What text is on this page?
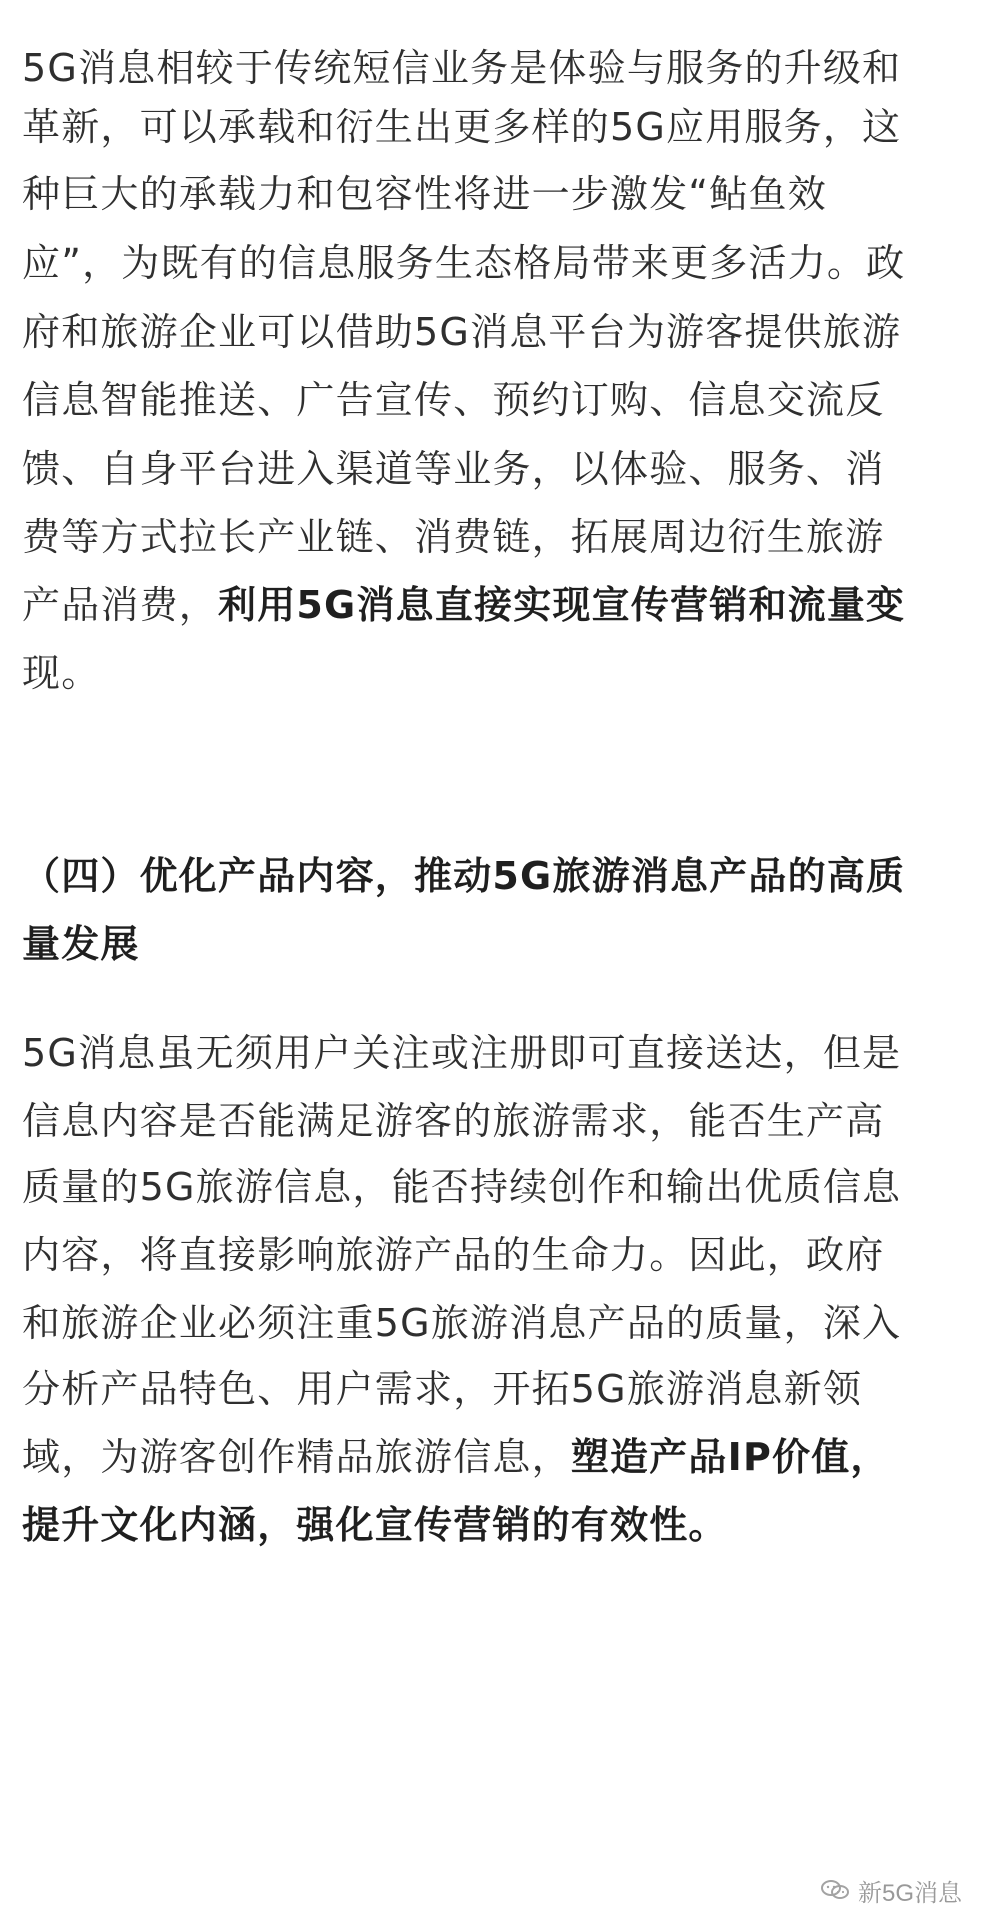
5G消息相较于传统短信业务是体验与服务的升级和
革新，可以承载和衍生出更多样的5G应用服务，这
种巨大的承载力和包容性将进一步激发“鲇鱼效
应”，为既有的信息服务生态格局带来更多活力。政
府和旅游企业可以借助5G消息平台为游客提供旅游
信息智能推送、广告宣传、预约订购、信息交流反
馈、自身平台进入渠道等业务，以体验、服务、消
费等方式拉长产业链、消费链，拓展周边衍生旅游
产品消费，利用5G消息直接实现宣传营销和流量变
现。
（四）优化产品内容，推动5G旅游消息产品的高质
量发展
5G消息虽无须用户关注或注册即可直接送达，但是
信息内容是否能满足游客的旅游需求，能否生产高
质量的5G旅游信息，能否持续创作和输出优质信息
内容，将直接影响旅游产品的生命力。因此，政府
和旅游企业必须注重5G旅游消息产品的质量，深入
分析产品特色、用户需求，开拓5G旅游消息新领
域，为游客创作精品旅游信息，塑造产品IP价值，
提升文化内涵，强化宣传营销的有效性。
新5G消息
